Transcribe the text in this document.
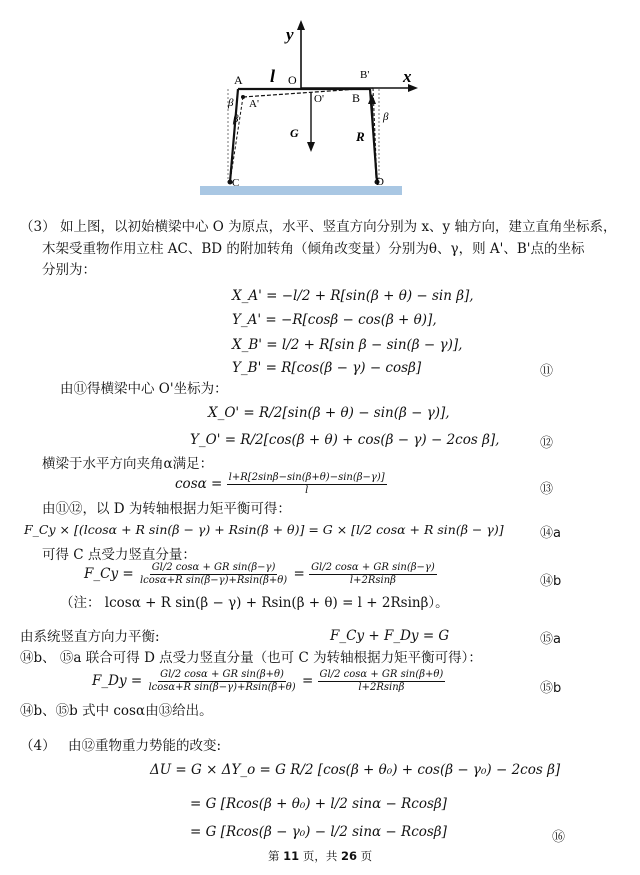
y
x
A
A'
l O
O'
B'
B
G	R
C	D
β
β	β
（3） 如上图，以初始横梁中心 O 为原点，水平、竖直方向分别为 x、y 轴方向，建立直角坐标系，
木架受重物作用立柱 AC、BD 的附加转角（倾角改变量）分别为θ、γ，则 A'、B'点的坐标
分别为：
X_A' = −l/2 + R[sin(β + θ) − sin β],
Y_A' = −R[cosβ − cos(β + θ)],
X_B' = l/2 + R[sin β − sin(β − γ)],
Y_B' = R[cos(β − γ) − cosβ]	⑪
由⑪得横梁中心 O'坐标为：
X_O' = R/2[sin(β + θ) − sin(β − γ)],
Y_O' = R/2[cos(β + θ) + cos(β − γ) − 2cos β],	⑫
横梁于水平方向夹角α满足：
$\cos\alpha = \frac{l+R[2\sin\beta-\sin(\beta+\theta)-\sin(\beta-\gamma)]}{l}$	⑬
由⑪⑫，以 D 为转轴根据力矩平衡可得：
F_Cy × [(lcosα + R sin(β − γ) + Rsin(β + θ)] = G × [l/2 cosα + R sin(β − γ)]	⑭a
可得 C 点受力竖直分量：
F_Cy = $\frac{\text{Gl/2 cosα + GR sin(β−γ)}}{\text{lcosα+R sin(β−γ)+Rsin(β+θ)}} = \frac{\text{Gl/2 cosα + GR sin(β−γ)}}{l+2Rsin\beta}$	⑭b
（注： lcosα + R sin(β − γ) + Rsin(β + θ) = l + 2Rsinβ）。
由系统竖直方向力平衡:	F_Cy + F_Dy = G	⑮a
⑭b、 ⑮a 联合可得 D 点受力竖直分量（也可 C 为转轴根据力矩平衡可得）：
F_Dy = $\frac{\text{Gl/2 cosα + GR sin(β+θ)}}{\text{lcosα+R sin(β−γ)+Rsin(β+θ)}} = \frac{\text{Gl/2 cosα + GR sin(β+θ)}}{l+2Rsin\beta}$	⑮b
⑭b、⑮b 式中 cosα由⑬给出。
（4） 由⑫重物重力势能的改变:
ΔU = G × ΔY_o = G R/2 [cos(β + θ₀) + cos(β − γ₀) − 2cos β]
= G [Rcos(β + θ₀) + l/2 sinα − Rcosβ]
= G [Rcos(β − γ₀) − l/2 sinα − Rcosβ]	⑯
第 11 页，共 26 页
